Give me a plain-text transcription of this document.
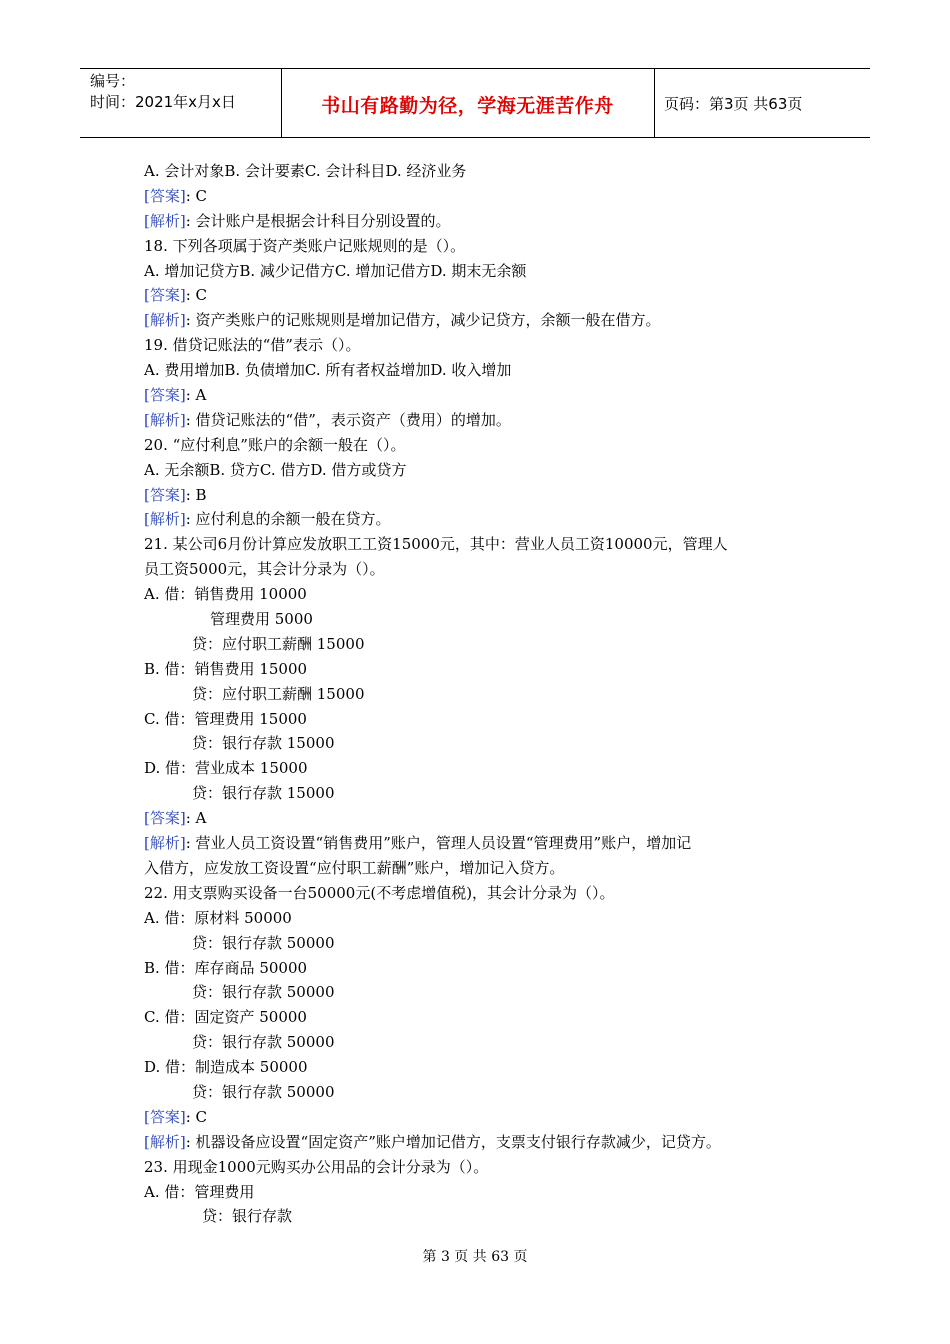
编号：
时间：2021年x月x日	书山有路勤为径，学海无涯苦作舟	页码：第3页 共63页
A. 会计对象B. 会计要素C. 会计科目D. 经济业务
[答案]: C
[解析]: 会计账户是根据会计科目分别设置的。
18. 下列各项属于资产类账户记账规则的是（）。
A. 增加记贷方B. 减少记借方C. 增加记借方D. 期末无余额
[答案]: C
[解析]: 资产类账户的记账规则是增加记借方，减少记贷方，余额一般在借方。
19. 借贷记账法的“借”表示（）。
A. 费用增加B. 负债增加C. 所有者权益增加D. 收入增加
[答案]: A
[解析]: 借贷记账法的“借”，表示资产（费用）的增加。
20. “应付利息”账户的余额一般在（）。
A. 无余额B. 贷方C. 借方D. 借方或贷方
[答案]: B
[解析]: 应付利息的余额一般在贷方。
21. 某公司6月份计算应发放职工工资15000元，其中：营业人员工资10000元，管理人
员工资5000元，其会计分录为（）。
A. 借：销售费用 10000
管理费用 5000
贷：应付职工薪酬 15000
B. 借：销售费用 15000
贷：应付职工薪酬 15000
C. 借：管理费用 15000
贷：银行存款 15000
D. 借：营业成本 15000
贷：银行存款 15000
[答案]: A
[解析]: 营业人员工资设置“销售费用”账户，管理人员设置“管理费用”账户，增加记
入借方，应发放工资设置“应付职工薪酬”账户，增加记入贷方。
22. 用支票购买设备一台50000元(不考虑增值税)，其会计分录为（）。
A. 借：原材料 50000
贷：银行存款 50000
B. 借：库存商品 50000
贷：银行存款 50000
C. 借：固定资产 50000
贷：银行存款 50000
D. 借：制造成本 50000
贷：银行存款 50000
[答案]: C
[解析]: 机器设备应设置“固定资产”账户增加记借方，支票支付银行存款减少，记贷方。
23. 用现金1000元购买办公用品的会计分录为（）。
A. 借：管理费用
贷：银行存款
第 3 页 共 63 页
